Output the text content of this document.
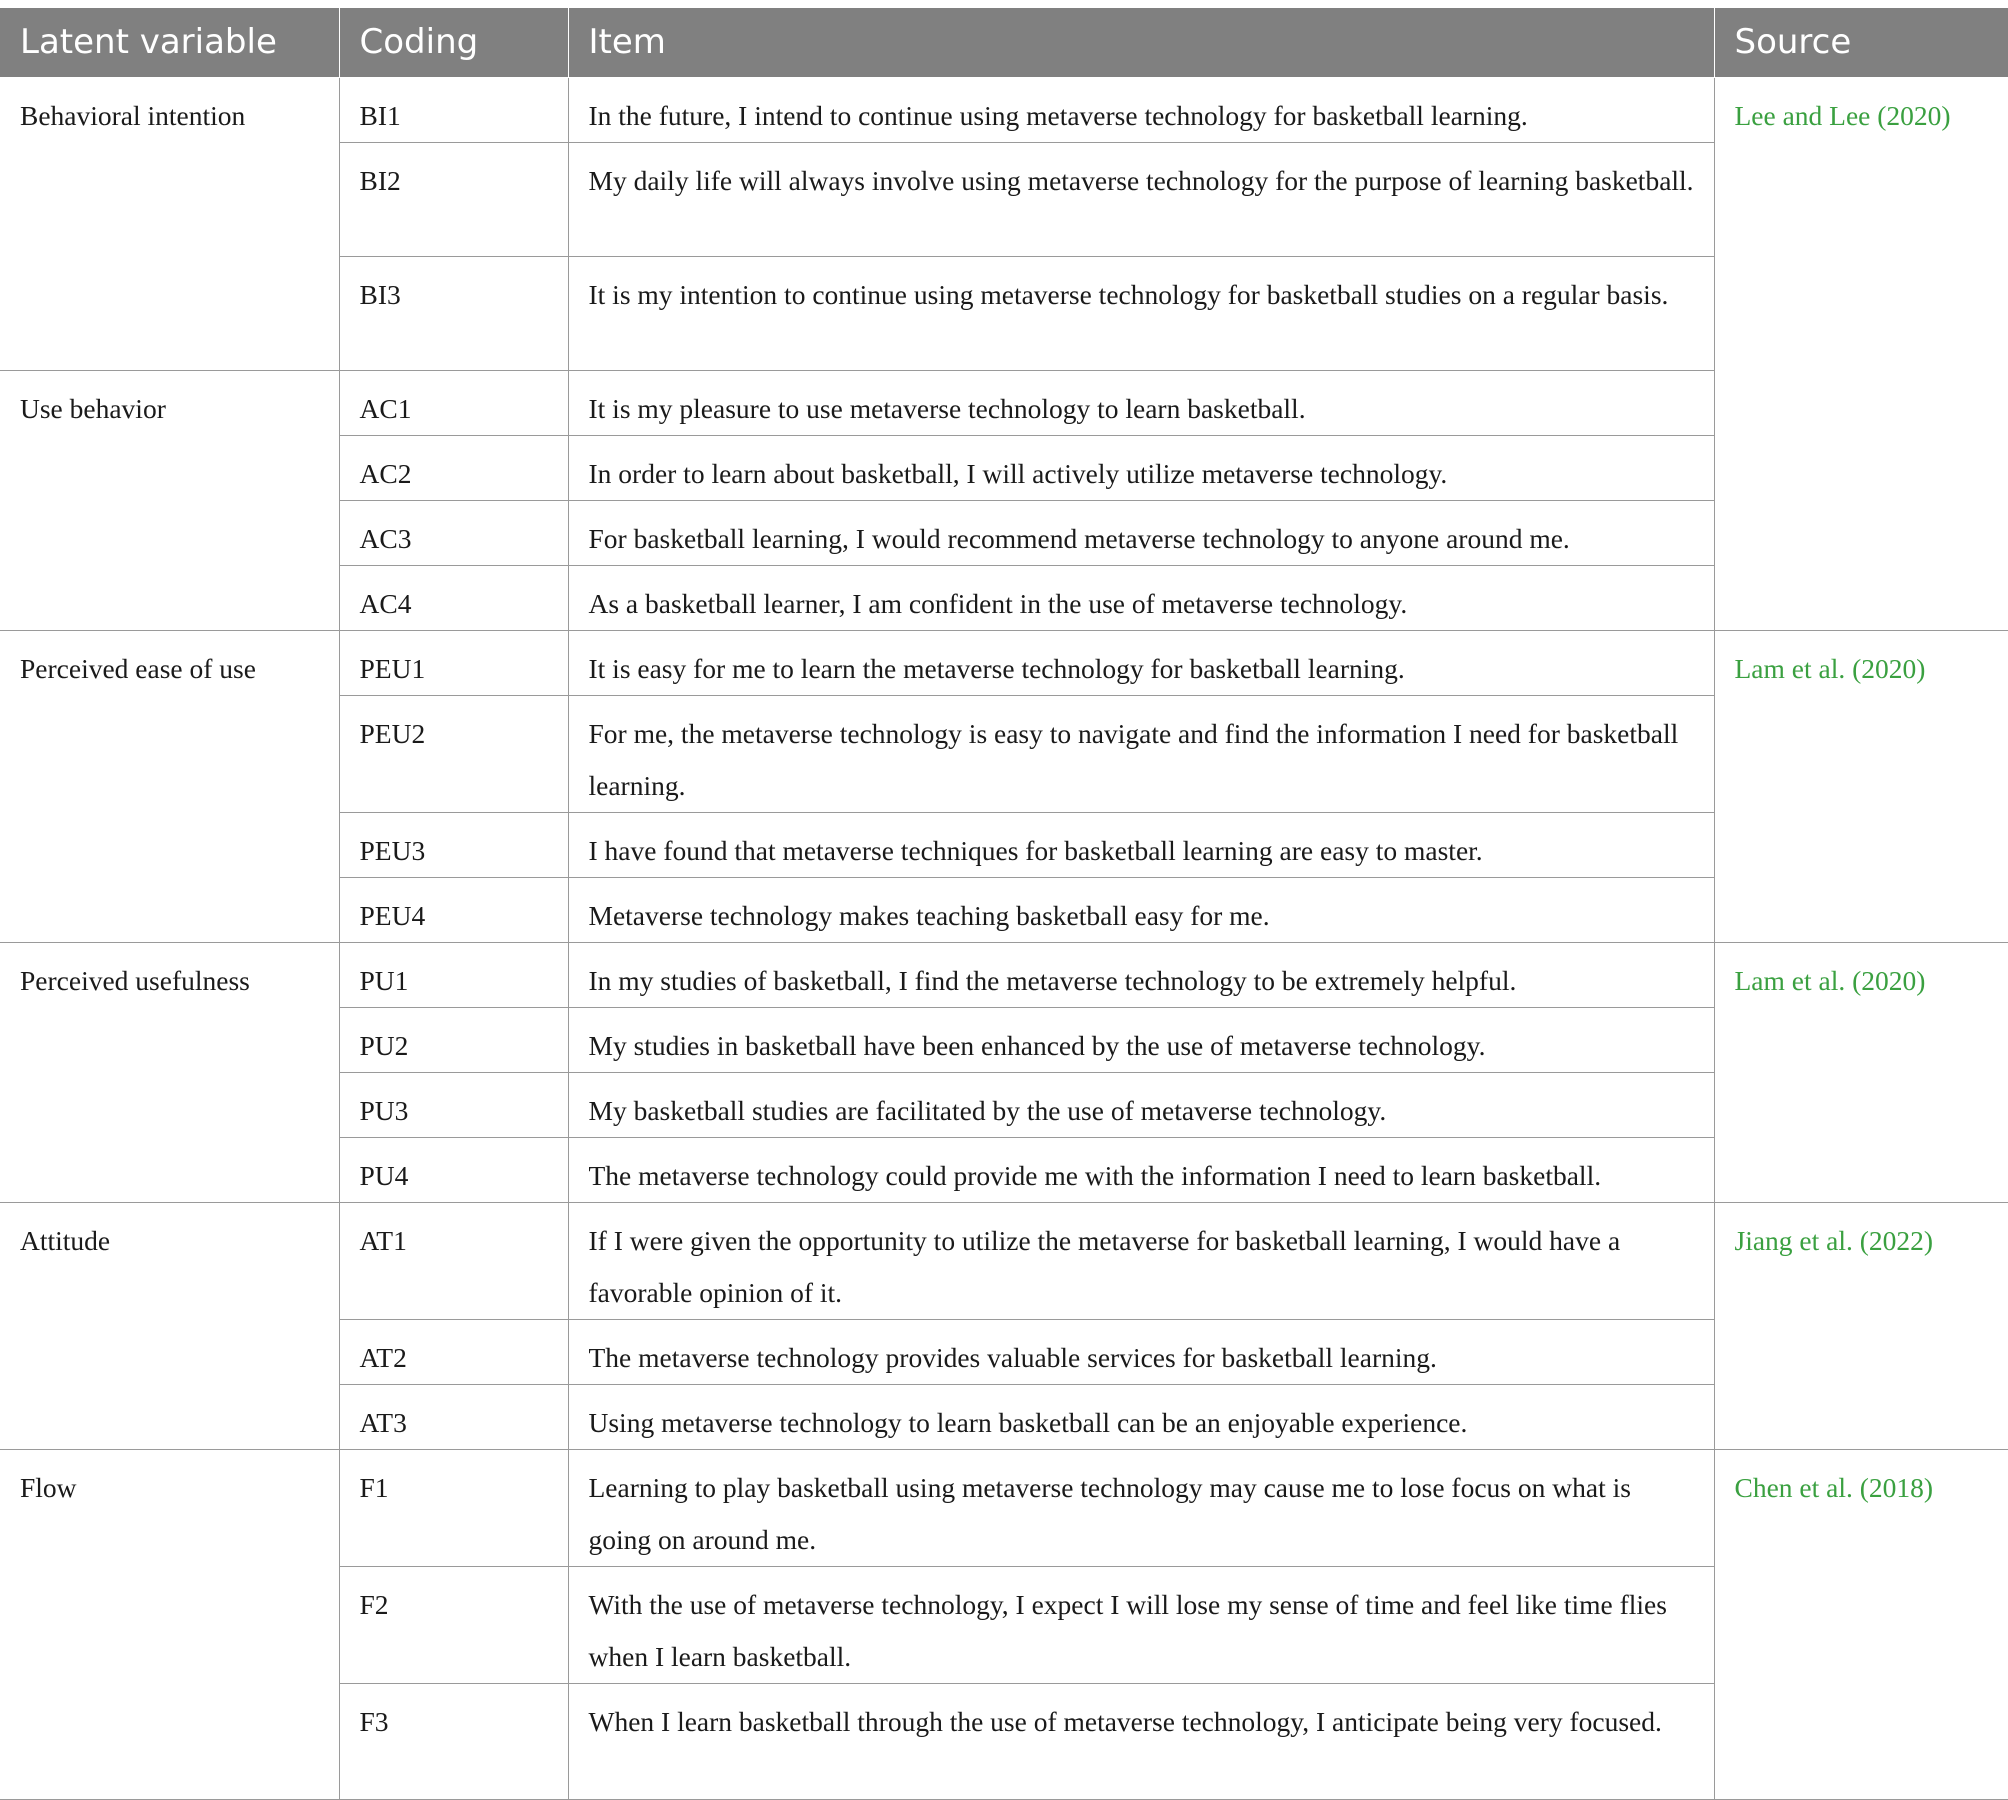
Latent variable	Coding	Item	Source
Behavioral intention	BI1	In the future, I intend to continue using metaverse technology for basketball learning.	Lee and Lee (2020)
	BI2	My daily life will always involve using metaverse technology for the purpose of learning basketball.	
	BI3	It is my intention to continue using metaverse technology for basketball studies on a regular basis.	
Use behavior	AC1	It is my pleasure to use metaverse technology to learn basketball.	
	AC2	In order to learn about basketball, I will actively utilize metaverse technology.	
	AC3	For basketball learning, I would recommend metaverse technology to anyone around me.	
	AC4	As a basketball learner, I am confident in the use of metaverse technology.	
Perceived ease of use	PEU1	It is easy for me to learn the metaverse technology for basketball learning.	Lam et al. (2020)
	PEU2	For me, the metaverse technology is easy to navigate and find the information I need for basketball learning.	
	PEU3	I have found that metaverse techniques for basketball learning are easy to master.	
	PEU4	Metaverse technology makes teaching basketball easy for me.	
Perceived usefulness	PU1	In my studies of basketball, I find the metaverse technology to be extremely helpful.	Lam et al. (2020)
	PU2	My studies in basketball have been enhanced by the use of metaverse technology.	
	PU3	My basketball studies are facilitated by the use of metaverse technology.	
	PU4	The metaverse technology could provide me with the information I need to learn basketball.	
Attitude	AT1	If I were given the opportunity to utilize the metaverse for basketball learning, I would have a favorable opinion of it.	Jiang et al. (2022)
	AT2	The metaverse technology provides valuable services for basketball learning.	
	AT3	Using metaverse technology to learn basketball can be an enjoyable experience.	
Flow	F1	Learning to play basketball using metaverse technology may cause me to lose focus on what is going on around me.	Chen et al. (2018)
	F2	With the use of metaverse technology, I expect I will lose my sense of time and feel like time flies when I learn basketball.	
	F3	When I learn basketball through the use of metaverse technology, I anticipate being very focused.	
